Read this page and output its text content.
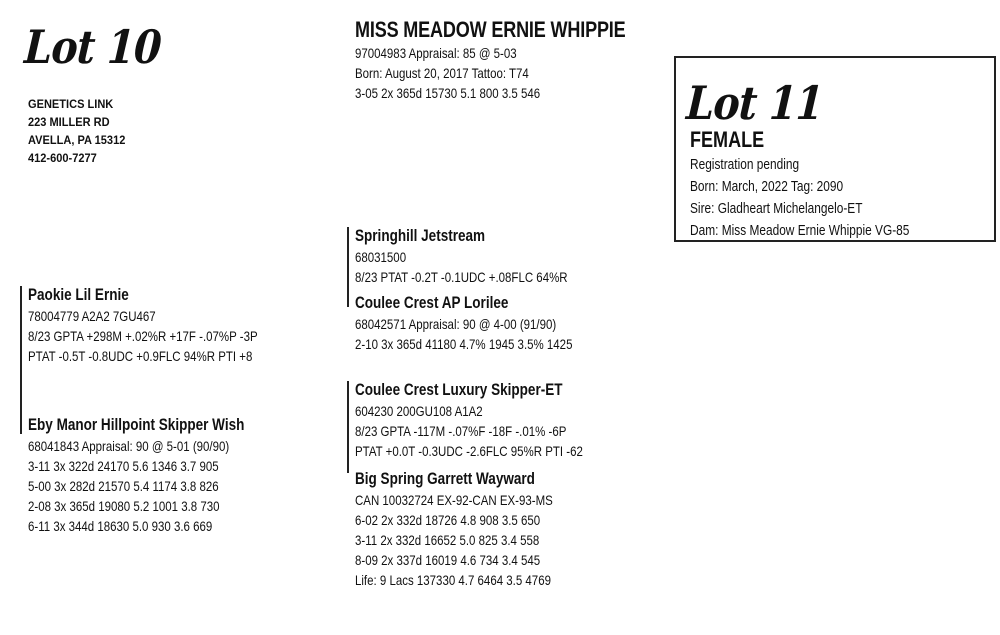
Lot 10
GENETICS LINK
223 MILLER RD
AVELLA, PA 15312
412-600-7277
MISS MEADOW ERNIE WHIPPIE
97004983 Appraisal: 85 @ 5-03
Born: August 20, 2017 Tattoo: T74
3-05 2x 365d 15730 5.1 800 3.5 546	Lot 11
FEMALE
Registration pending
Born: March, 2022 Tag: 2090
Sire: Gladheart Michelangelo-ET
Dam: Miss Meadow Ernie Whippie VG-85
Paokie Lil Ernie
78004779 A2A2 7GU467
8/23 GPTA +298M +.02%R +17F -.07%P -3P
PTAT -0.5T -0.8UDC +0.9FLC 94%R PTI +8
Eby Manor Hillpoint Skipper Wish
68041843 Appraisal: 90 @ 5-01 (90/90)
3-11 3x 322d 24170 5.6 1346 3.7 905
5-00 3x 282d 21570 5.4 1174 3.8 826
2-08 3x 365d 19080 5.2 1001 3.8 730
6-11 3x 344d 18630 5.0 930 3.6 669
Springhill Jetstream
68031500
8/23 PTAT -0.2T -0.1UDC +.08FLC 64%R
Coulee Crest AP Lorilee
68042571 Appraisal: 90 @ 4-00 (91/90)
2-10 3x 365d 41180 4.7% 1945 3.5% 1425
Coulee Crest Luxury Skipper-ET
604230 200GU108 A1A2
8/23 GPTA -117M -.07%F -18F -.01% -6P
PTAT +0.0T -0.3UDC -2.6FLC 95%R PTI -62
Big Spring Garrett Wayward
CAN 10032724 EX-92-CAN EX-93-MS
6-02 2x 332d 18726 4.8 908 3.5 650
3-11 2x 332d 16652 5.0 825 3.4 558
8-09 2x 337d 16019 4.6 734 3.4 545
Life: 9 Lacs 137330 4.7 6464 3.5 4769
